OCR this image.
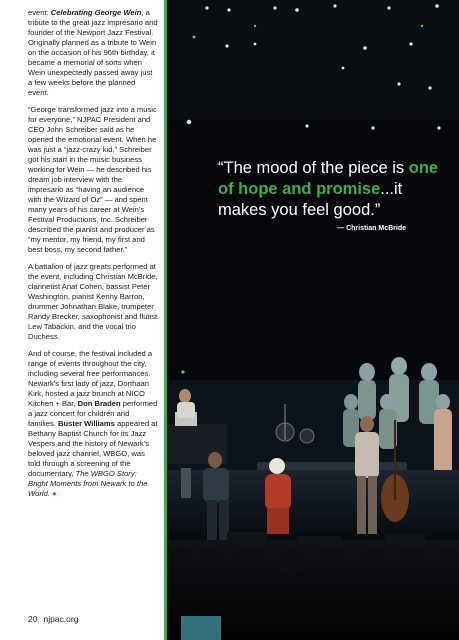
event: Celebrating George Wein, a tribute to the great jazz impresario and founder of the Newport Jazz Festival. Originally planned as a tribute to Wein on the occasion of his 96th birthday, it became a memorial of sorts when Wein unexpectedly passed away just a few weeks before the planned event.

“George transformed jazz into a music for everyone,” NJPAC President and CEO John Schreiber said as he opened the emotional event. When he was just a “jazz-crazy kid,” Schreiber got his start in the music business working for Wein — he described his dream job interview with the impresario as “having an audience with the Wizard of Oz” — and spent many years of his career at Wein’s Festival Productions, Inc. Schreiber described the pianist and producer as “my mentor, my friend, my first and best boss, my second father.”

A battalion of jazz greats performed at the event, including Christian McBride, clarinetist Anat Cohen, bassist Peter Washington, pianist Kenny Barron, drummer Johnathan Blake, trumpeter Randy Brecker, saxophonist and flutist Lew Tabackin, and the vocal trio Duchess.

And of course, the festival included a range of events throughout the city, including several free performances. Newark’s first lady of jazz, Dorthaan Kirk, hosted a jazz brunch at NICO Kitchen + Bar, Don Braden performed a jazz concert for children and families. Buster Williams appeared at Bethany Baptist Church for its Jazz Vespers and the history of Newark’s beloved jazz channel, WBGO, was told through a screening of the documentary, The WBGO Story: Bright Moments from Newark to the World. ●

20 njpac.org
“The mood of the piece is one of hope and promise...it makes you feel good.”
— Christian McBride
